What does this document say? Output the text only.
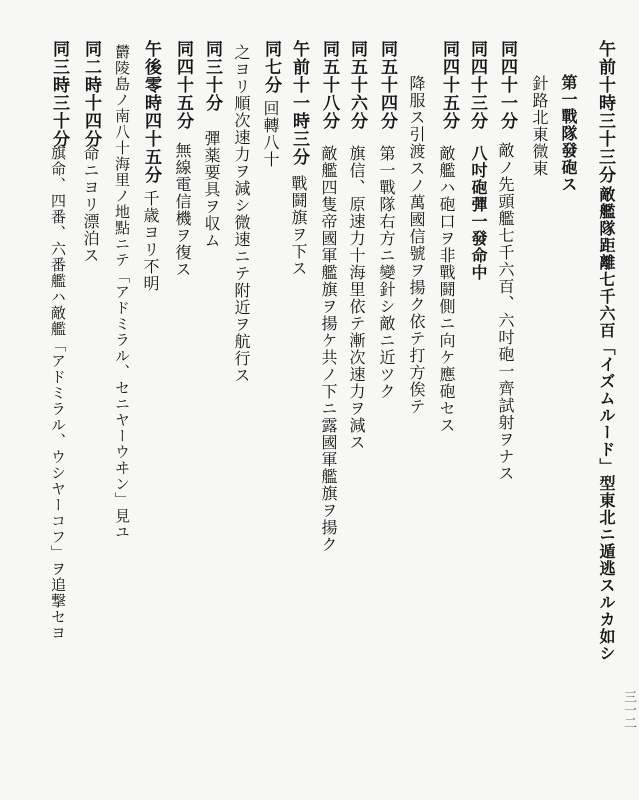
午前十時三十三分
敵艦隊距離七千六百「イズムルード」型東北ニ遁逃スルカ如シ
第一戰隊發砲ス
針路北東微東
同四十一分
敵ノ先頭艦七千六百、六吋砲一齊試射ヲナス
同四十三分
八吋砲彈一發命中
同四十五分
敵艦ハ砲口ヲ非戰鬪側ニ向ケ應砲セス
降服ス引渡スノ萬國信號ヲ揚ク依テ打方俟テ
同五十四分
第一戰隊右方ニ變針シ敵ニ近ツク
同五十六分
旗信、原速力十海里依テ漸次速力ヲ減ス
同五十八分
敵艦四隻帝國軍艦旗ヲ揚ケ共ノ下ニ露國軍艦旗ヲ揚ク
午前十一時三分
戰鬪旗ヲ下ス
同七分
回轉八十
之ヨリ順次速力ヲ減シ微速ニテ附近ヲ航行ス
同三十分
彈薬要具ヲ収ム
同四十五分
無線電信機ヲ復ス
午後零時四十五分
千歳ヨリ不明
欝陵島ノ南八十海里ノ地點ニテ「アドミラル、セニヤーウヰン」見ユ
同二時十四分
命ニヨリ漂泊ス
同三時三十分
旗命、四番、六番艦ハ敵艦「アドミラル、ウシヤーコフ」ヲ追撃セヨ
三一二
